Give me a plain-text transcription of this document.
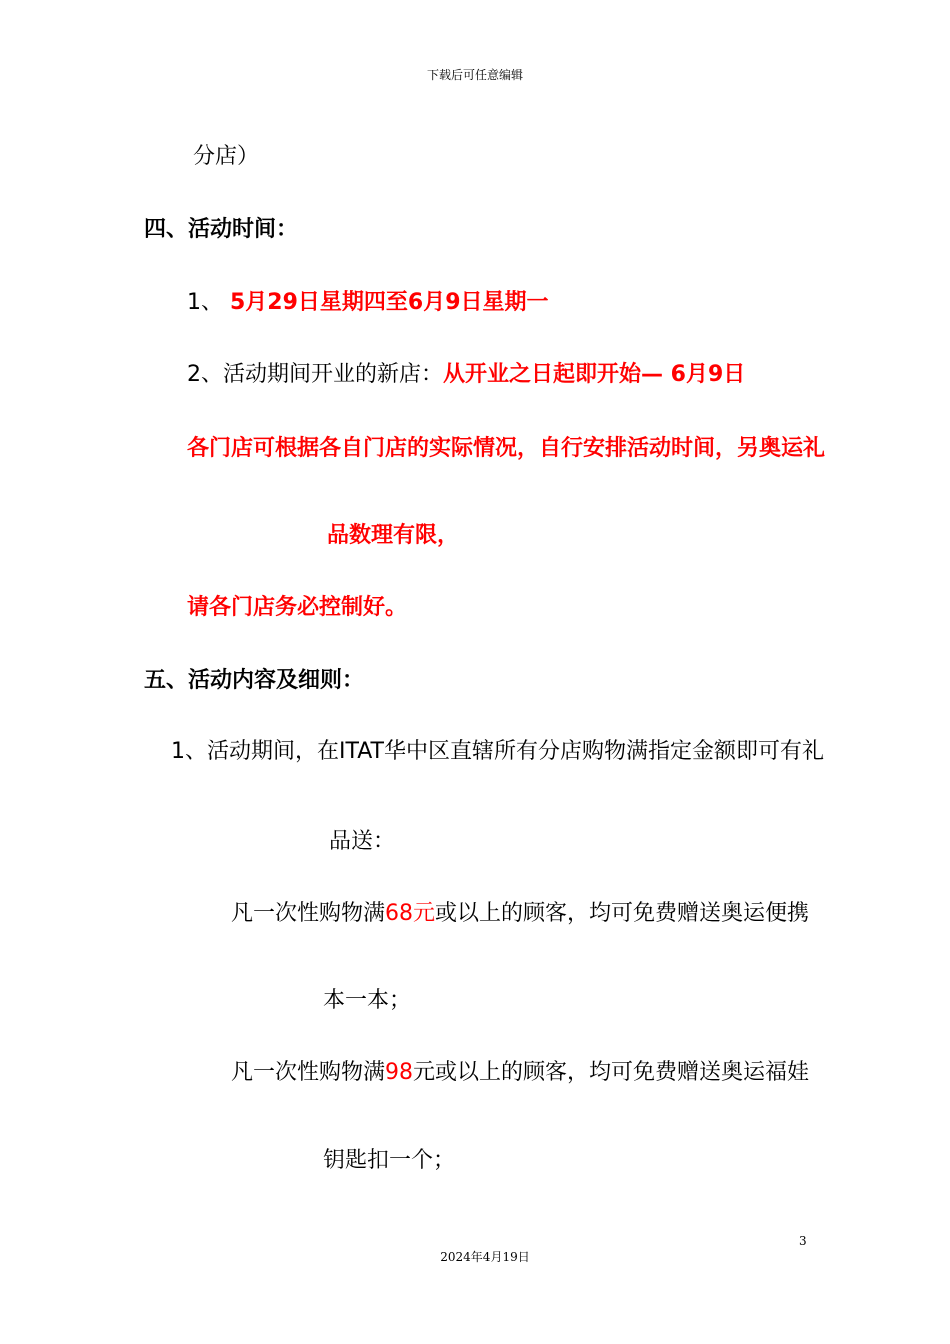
下载后可任意编辑
分店）
四、活动时间：
1、 5月29日星期四至6月9日星期一
2、活动期间开业的新店：从开业之日起即开始— 6月9日
各门店可根据各自门店的实际情况，自行安排活动时间，另奥运礼
品数理有限，
请各门店务必控制好。
五、活动内容及细则：
1、活动期间，在ITAT华中区直辖所有分店购物满指定金额即可有礼
品送：
凡一次性购物满68元或以上的顾客，均可免费赠送奥运便携
本一本；
凡一次性购物满98元或以上的顾客，均可免费赠送奥运福娃
钥匙扣一个；
3
2024年4月19日
